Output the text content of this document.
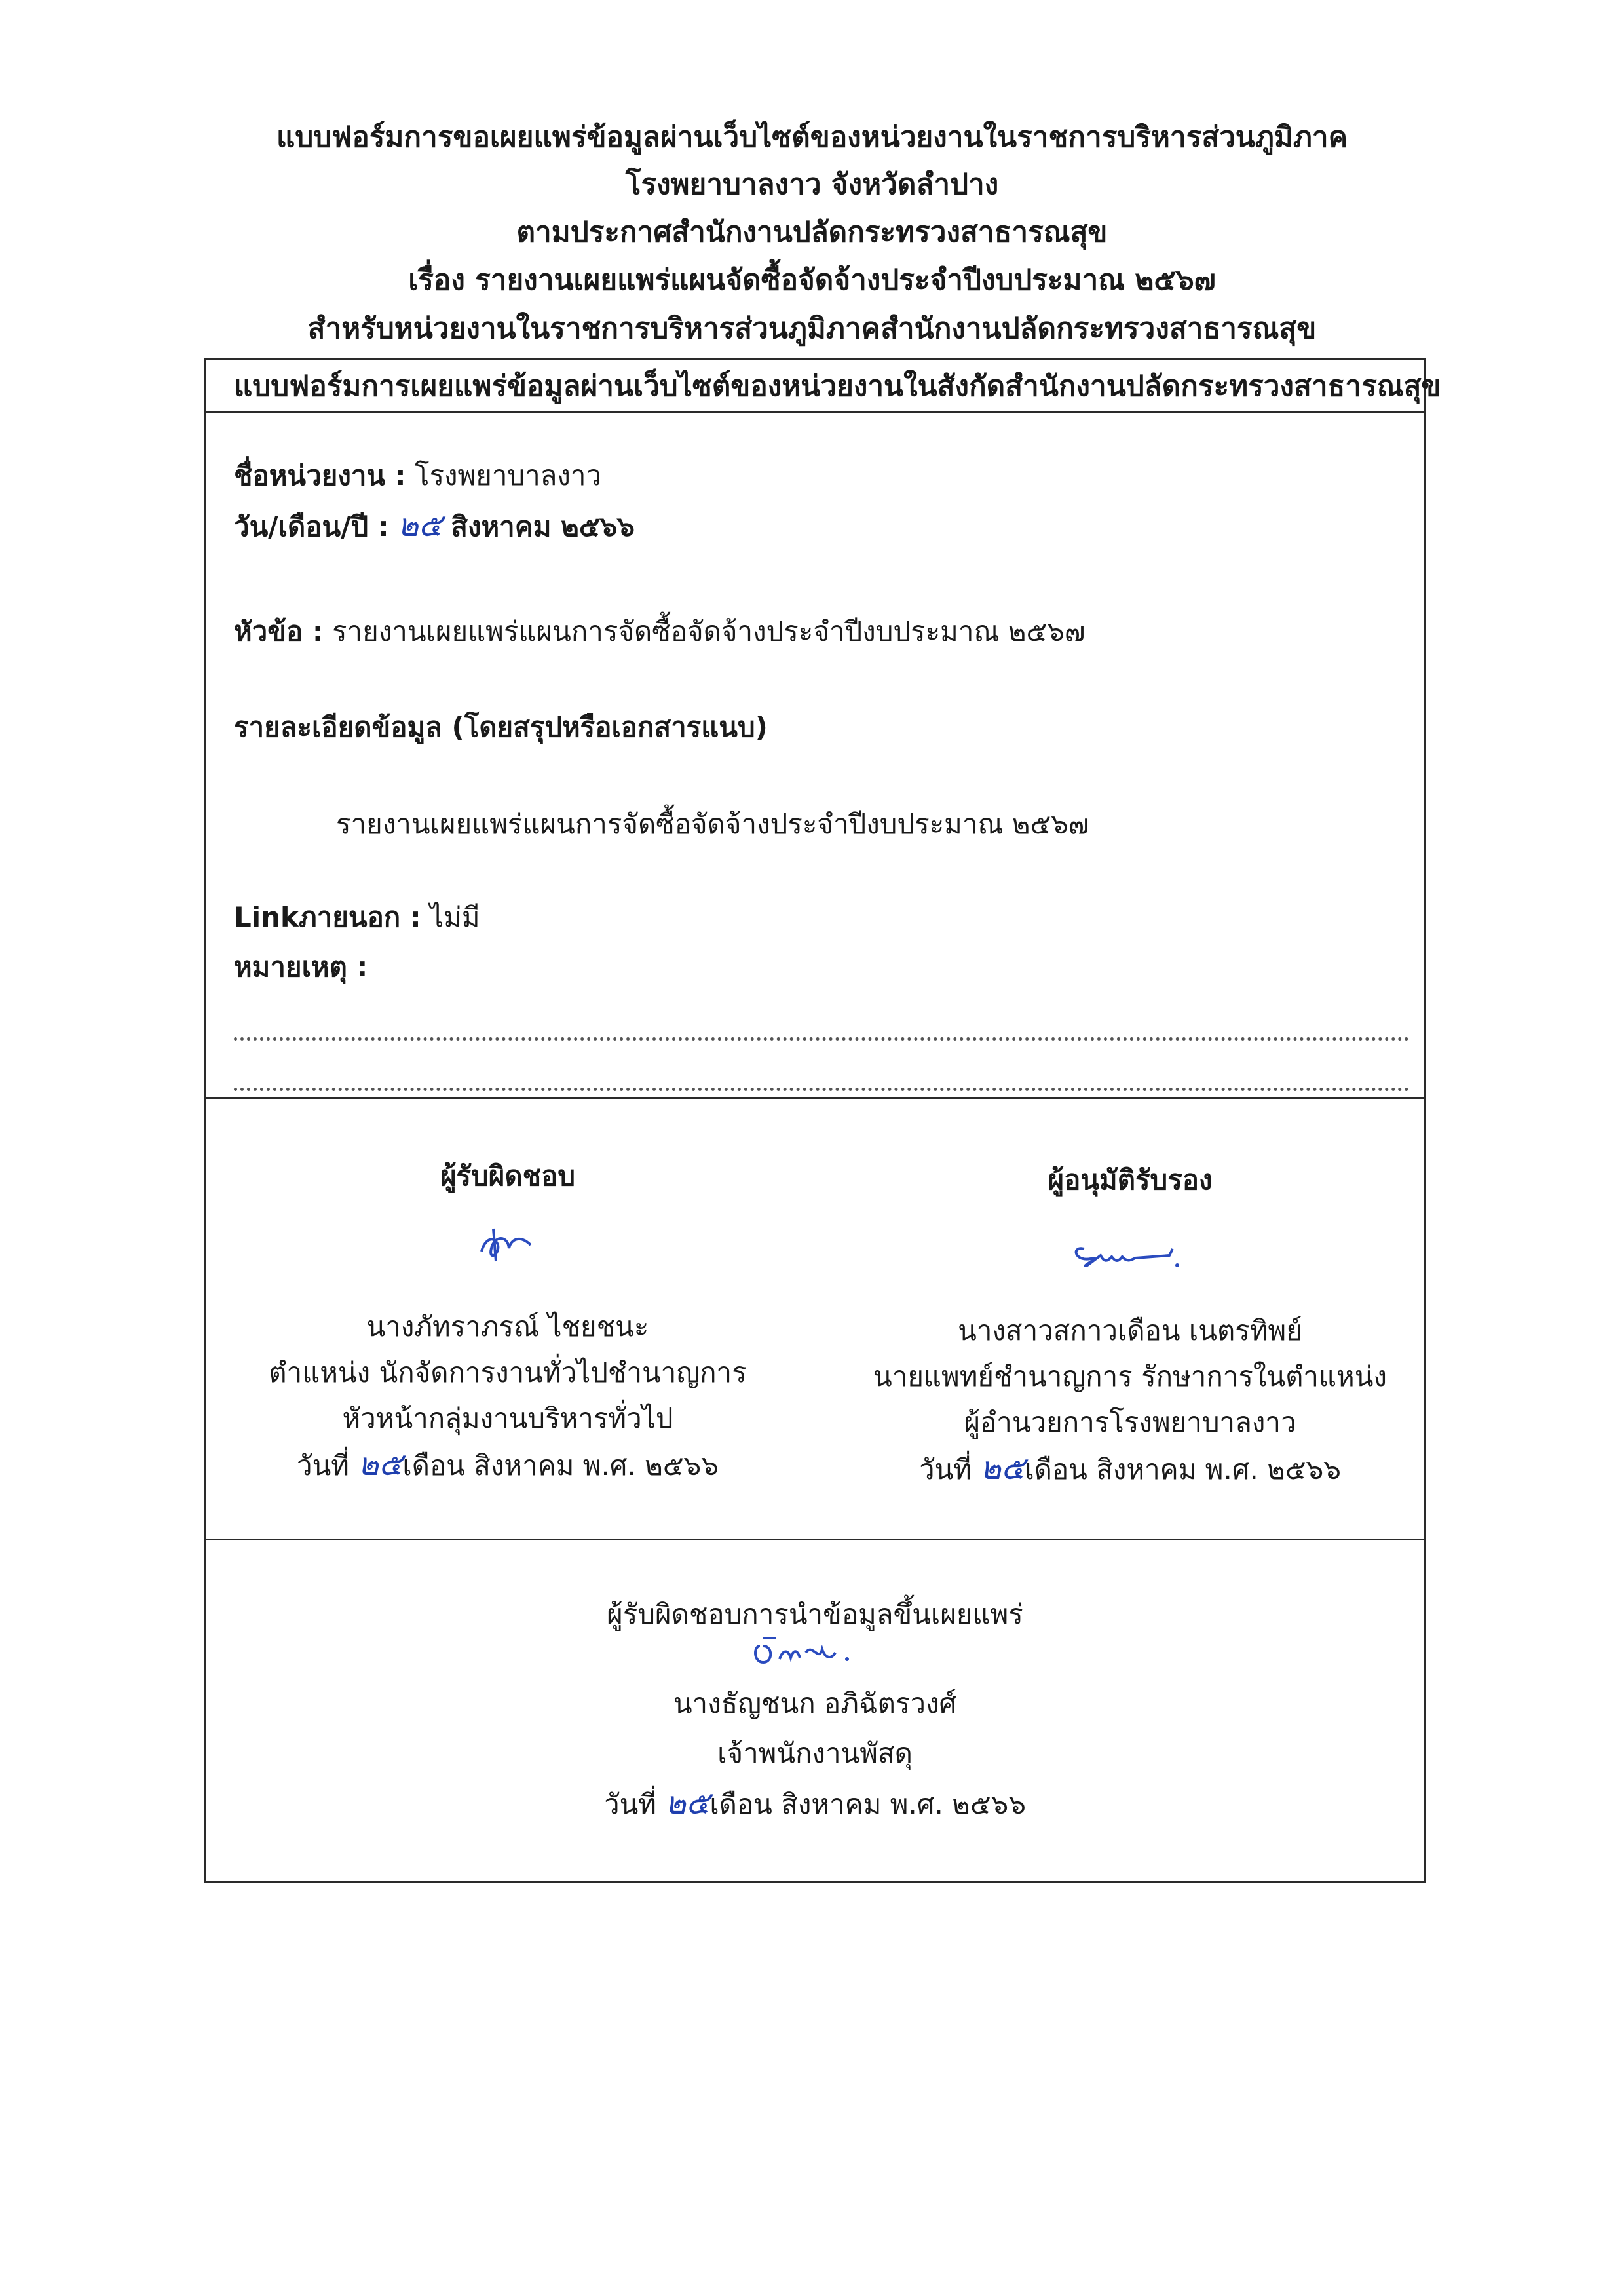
แบบฟอร์มการขอเผยแพร่ข้อมูลผ่านเว็บไซต์ของหน่วยงานในราชการบริหารส่วนภูมิภาค
โรงพยาบาลงาว จังหวัดลำปาง
ตามประกาศสำนักงานปลัดกระทรวงสาธารณสุข
เรื่อง รายงานเผยแพร่แผนจัดซื้อจัดจ้างประจำปีงบประมาณ ๒๕๖๗
สำหรับหน่วยงานในราชการบริหารส่วนภูมิภาคสำนักงานปลัดกระทรวงสาธารณสุข
แบบฟอร์มการเผยแพร่ข้อมูลผ่านเว็บไซต์ของหน่วยงานในสังกัดสำนักงานปลัดกระทรวงสาธารณสุข
ชื่อหน่วยงาน : โรงพยาบาลงาว
วัน/เดือน/ปี : ๒๕ สิงหาคม ๒๕๖๖
หัวข้อ : รายงานเผยแพร่แผนการจัดซื้อจัดจ้างประจำปีงบประมาณ ๒๕๖๗
รายละเอียดข้อมูล (โดยสรุปหรือเอกสารแนบ)
รายงานเผยแพร่แผนการจัดซื้อจัดจ้างประจำปีงบประมาณ ๒๕๖๗
Linkภายนอก : ไม่มี
หมายเหตุ :
ผู้รับผิดชอบ
นางภัทราภรณ์ ไชยชนะ
ตำแหน่ง นักจัดการงานทั่วไปชำนาญการ
หัวหน้ากลุ่มงานบริหารทั่วไป
วันที่ ๒๕เดือน สิงหาคม พ.ศ. ๒๕๖๖
ผู้อนุมัติรับรอง
นางสาวสกาวเดือน เนตรทิพย์
นายแพทย์ชำนาญการ รักษาการในตำแหน่ง
ผู้อำนวยการโรงพยาบาลงาว
วันที่ ๒๕เดือน สิงหาคม พ.ศ. ๒๕๖๖
ผู้รับผิดชอบการนำข้อมูลขึ้นเผยแพร่
นางธัญชนก อภิฉัตรวงศ์
เจ้าพนักงานพัสดุ
วันที่ ๒๕เดือน สิงหาคม พ.ศ. ๒๕๖๖
